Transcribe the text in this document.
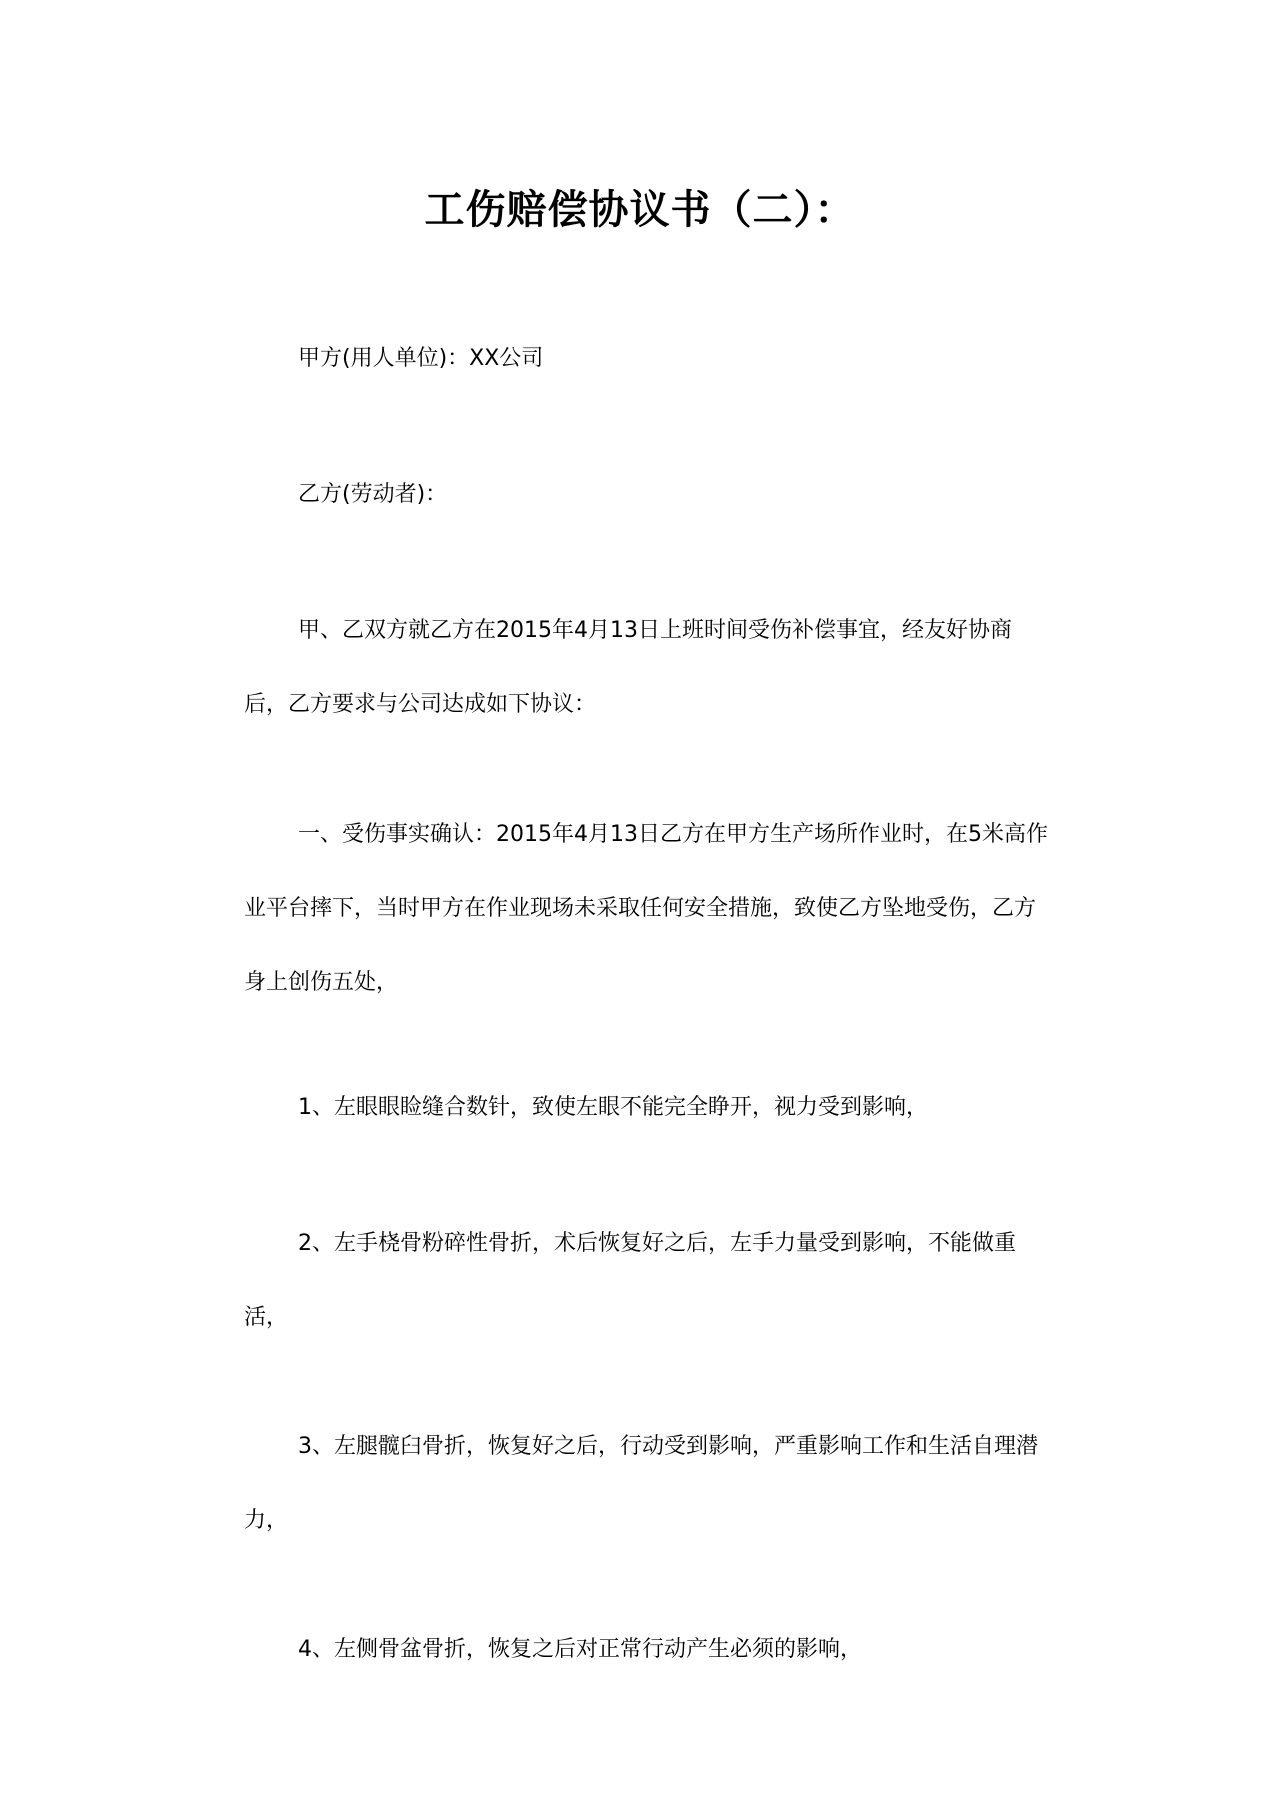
工伤赔偿协议书（二）：

甲方(用人单位)：XX公司

乙方(劳动者)：

甲、乙双方就乙方在2015年4月13日上班时间受伤补偿事宜，经友好协商后，乙方要求与公司达成如下协议：

一、受伤事实确认：2015年4月13日乙方在甲方生产场所作业时，在5米高作业平台摔下，当时甲方在作业现场未采取任何安全措施，致使乙方坠地受伤，乙方身上创伤五处，

1、左眼眼睑缝合数针，致使左眼不能完全睁开，视力受到影响，

2、左手桡骨粉碎性骨折，术后恢复好之后，左手力量受到影响，不能做重活，

3、左腿髋臼骨折，恢复好之后，行动受到影响，严重影响工作和生活自理潜力，

4、左侧骨盆骨折，恢复之后对正常行动产生必须的影响，
